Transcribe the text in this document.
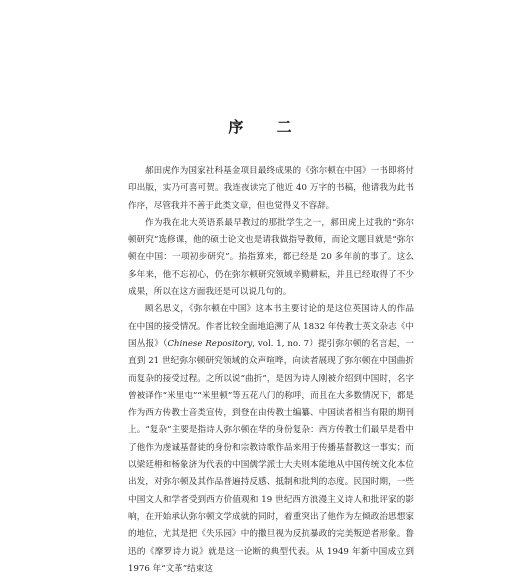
序 二

郝田虎作为国家社科基金项目最终成果的《弥尔顿在中国》一书即将付印出版，实乃可喜可贺。我连夜读完了他近 40 万字的书稿，他请我为此书作序，尽管我并不善于此类文章，但也觉得义不容辞。

作为我在北大英语系最早教过的那批学生之一，郝田虎上过我的“弥尔顿研究”选修课，他的硕士论文也是请我做指导教师，而论文题目就是“弥尔顿在中国：一项初步研究”。掐指算来，都已经是 20 多年前的事了。这么多年来，他不忘初心，仍在弥尔顿研究领域辛勤耕耘，并且已经取得了不少成果，所以在这方面我还是可以说几句的。

顾名思义，《弥尔顿在中国》这本书主要讨论的是这位英国诗人的作品在中国的接受情况。作者比较全面地追溯了从 1832 年传教士英文杂志《中国丛报》（Chinese Repository, vol. 1, no. 7）提引弥尔顿的名言起，一直到 21 世纪弥尔顿研究领域的众声喧哗，向读者展现了弥尔顿在中国曲折而复杂的接受过程。之所以说“曲折”，是因为诗人刚被介绍到中国时，名字曾被译作“米里屯”“米里顿”等五花八门的称呼，而且在大多数情况下，都是作为西方传教士音类宣传，到登在由传教士编纂、中国读者相当有限的期刊上。“复杂”主要是指诗人弥尔顿在华的身份复杂：西方传教士们最早是看中了他作为虔诚基督徒的身份和宗教诗歌作品来用于传播基督教这一事实；而以梁廷枏和杨象济为代表的中国儒学派士大夫则本能地从中国传统文化本位出发，对弥尔顿及其作品普遍持反感、抵制和批判的态度。民国时期，一些中国文人和学者受到西方价值观和 19 世纪西方浪漫主义诗人和批评家的影响，在开始承认弥尔顿文学成就的同时，着重突出了他作为左倾政治思想家的地位，尤其是把《失乐园》中的撒旦视为反抗暴政的完美叛逆者形象。鲁迅的《摩罗诗力说》就是这一论断的典型代表。从 1949 年新中国成立到 1976 年“文革”结束这
